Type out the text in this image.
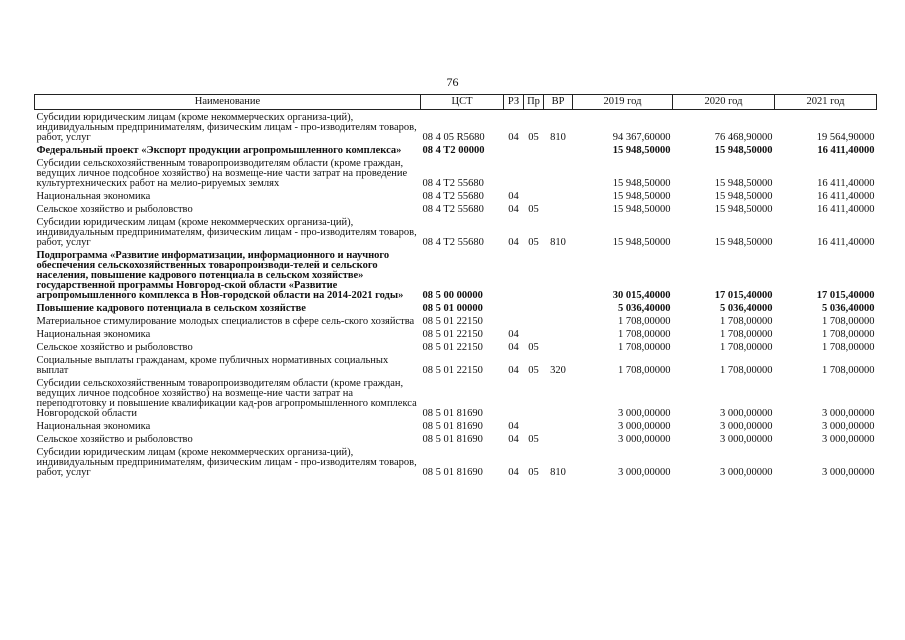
76
Наименование	ЦСТ	РЗ	Пр	ВР	2019 год	2020 год	2021 год
Субсидии юридическим лицам (кроме некоммерческих организа-ций), индивидуальным предпринимателям, физическим лицам - про-изводителям товаров, работ, услуг	08 4 05 R5680	04	05	810	94 367,60000	76 468,90000	19 564,90000
Федеральный проект «Экспорт продукции агропромышленного комплекса»	08 4 T2 00000				15 948,50000	15 948,50000	16 411,40000
Субсидии сельскохозяйственным товаропроизводителям области (кроме граждан, ведущих личное подсобное хозяйство) на возмеще-ние части затрат на проведение культуртехнических работ на мелио-рируемых землях	08 4 T2 55680				15 948,50000	15 948,50000	16 411,40000
Национальная экономика	08 4 T2 55680	04			15 948,50000	15 948,50000	16 411,40000
Сельское хозяйство и рыболовство	08 4 T2 55680	04	05		15 948,50000	15 948,50000	16 411,40000
Субсидии юридическим лицам (кроме некоммерческих организа-ций), индивидуальным предпринимателям, физическим лицам - про-изводителям товаров, работ, услуг	08 4 T2 55680	04	05	810	15 948,50000	15 948,50000	16 411,40000
Подпрограмма «Развитие информатизации, информационного и научного обеспечения сельскохозяйственных товаропроизводи-телей и сельского населения, повышение кадрового потенциала в сельском хозяйстве» государственной программы Новгород-ской области «Развитие агропромышленного комплекса в Нов-городской области на 2014-2021 годы»	08 5 00 00000				30 015,40000	17 015,40000	17 015,40000
Повышение кадрового потенциала в сельском хозяйстве	08 5 01 00000				5 036,40000	5 036,40000	5 036,40000
Материальное стимулирование молодых специалистов в сфере сель-ского хозяйства	08 5 01 22150				1 708,00000	1 708,00000	1 708,00000
Национальная экономика	08 5 01 22150	04			1 708,00000	1 708,00000	1 708,00000
Сельское хозяйство и рыболовство	08 5 01 22150	04	05		1 708,00000	1 708,00000	1 708,00000
Социальные выплаты гражданам, кроме публичных нормативных социальных выплат	08 5 01 22150	04	05	320	1 708,00000	1 708,00000	1 708,00000
Субсидии сельскохозяйственным товаропроизводителям области (кроме граждан, ведущих личное подсобное хозяйство) на возмеще-ние части затрат на переподготовку и повышение квалификации кад-ров агропромышленного комплекса Новгородской области	08 5 01 81690				3 000,00000	3 000,00000	3 000,00000
Национальная экономика	08 5 01 81690	04			3 000,00000	3 000,00000	3 000,00000
Сельское хозяйство и рыболовство	08 5 01 81690	04	05		3 000,00000	3 000,00000	3 000,00000
Субсидии юридическим лицам (кроме некоммерческих организа-ций), индивидуальным предпринимателям, физическим лицам - про-изводителям товаров, работ, услуг	08 5 01 81690	04	05	810	3 000,00000	3 000,00000	3 000,00000
